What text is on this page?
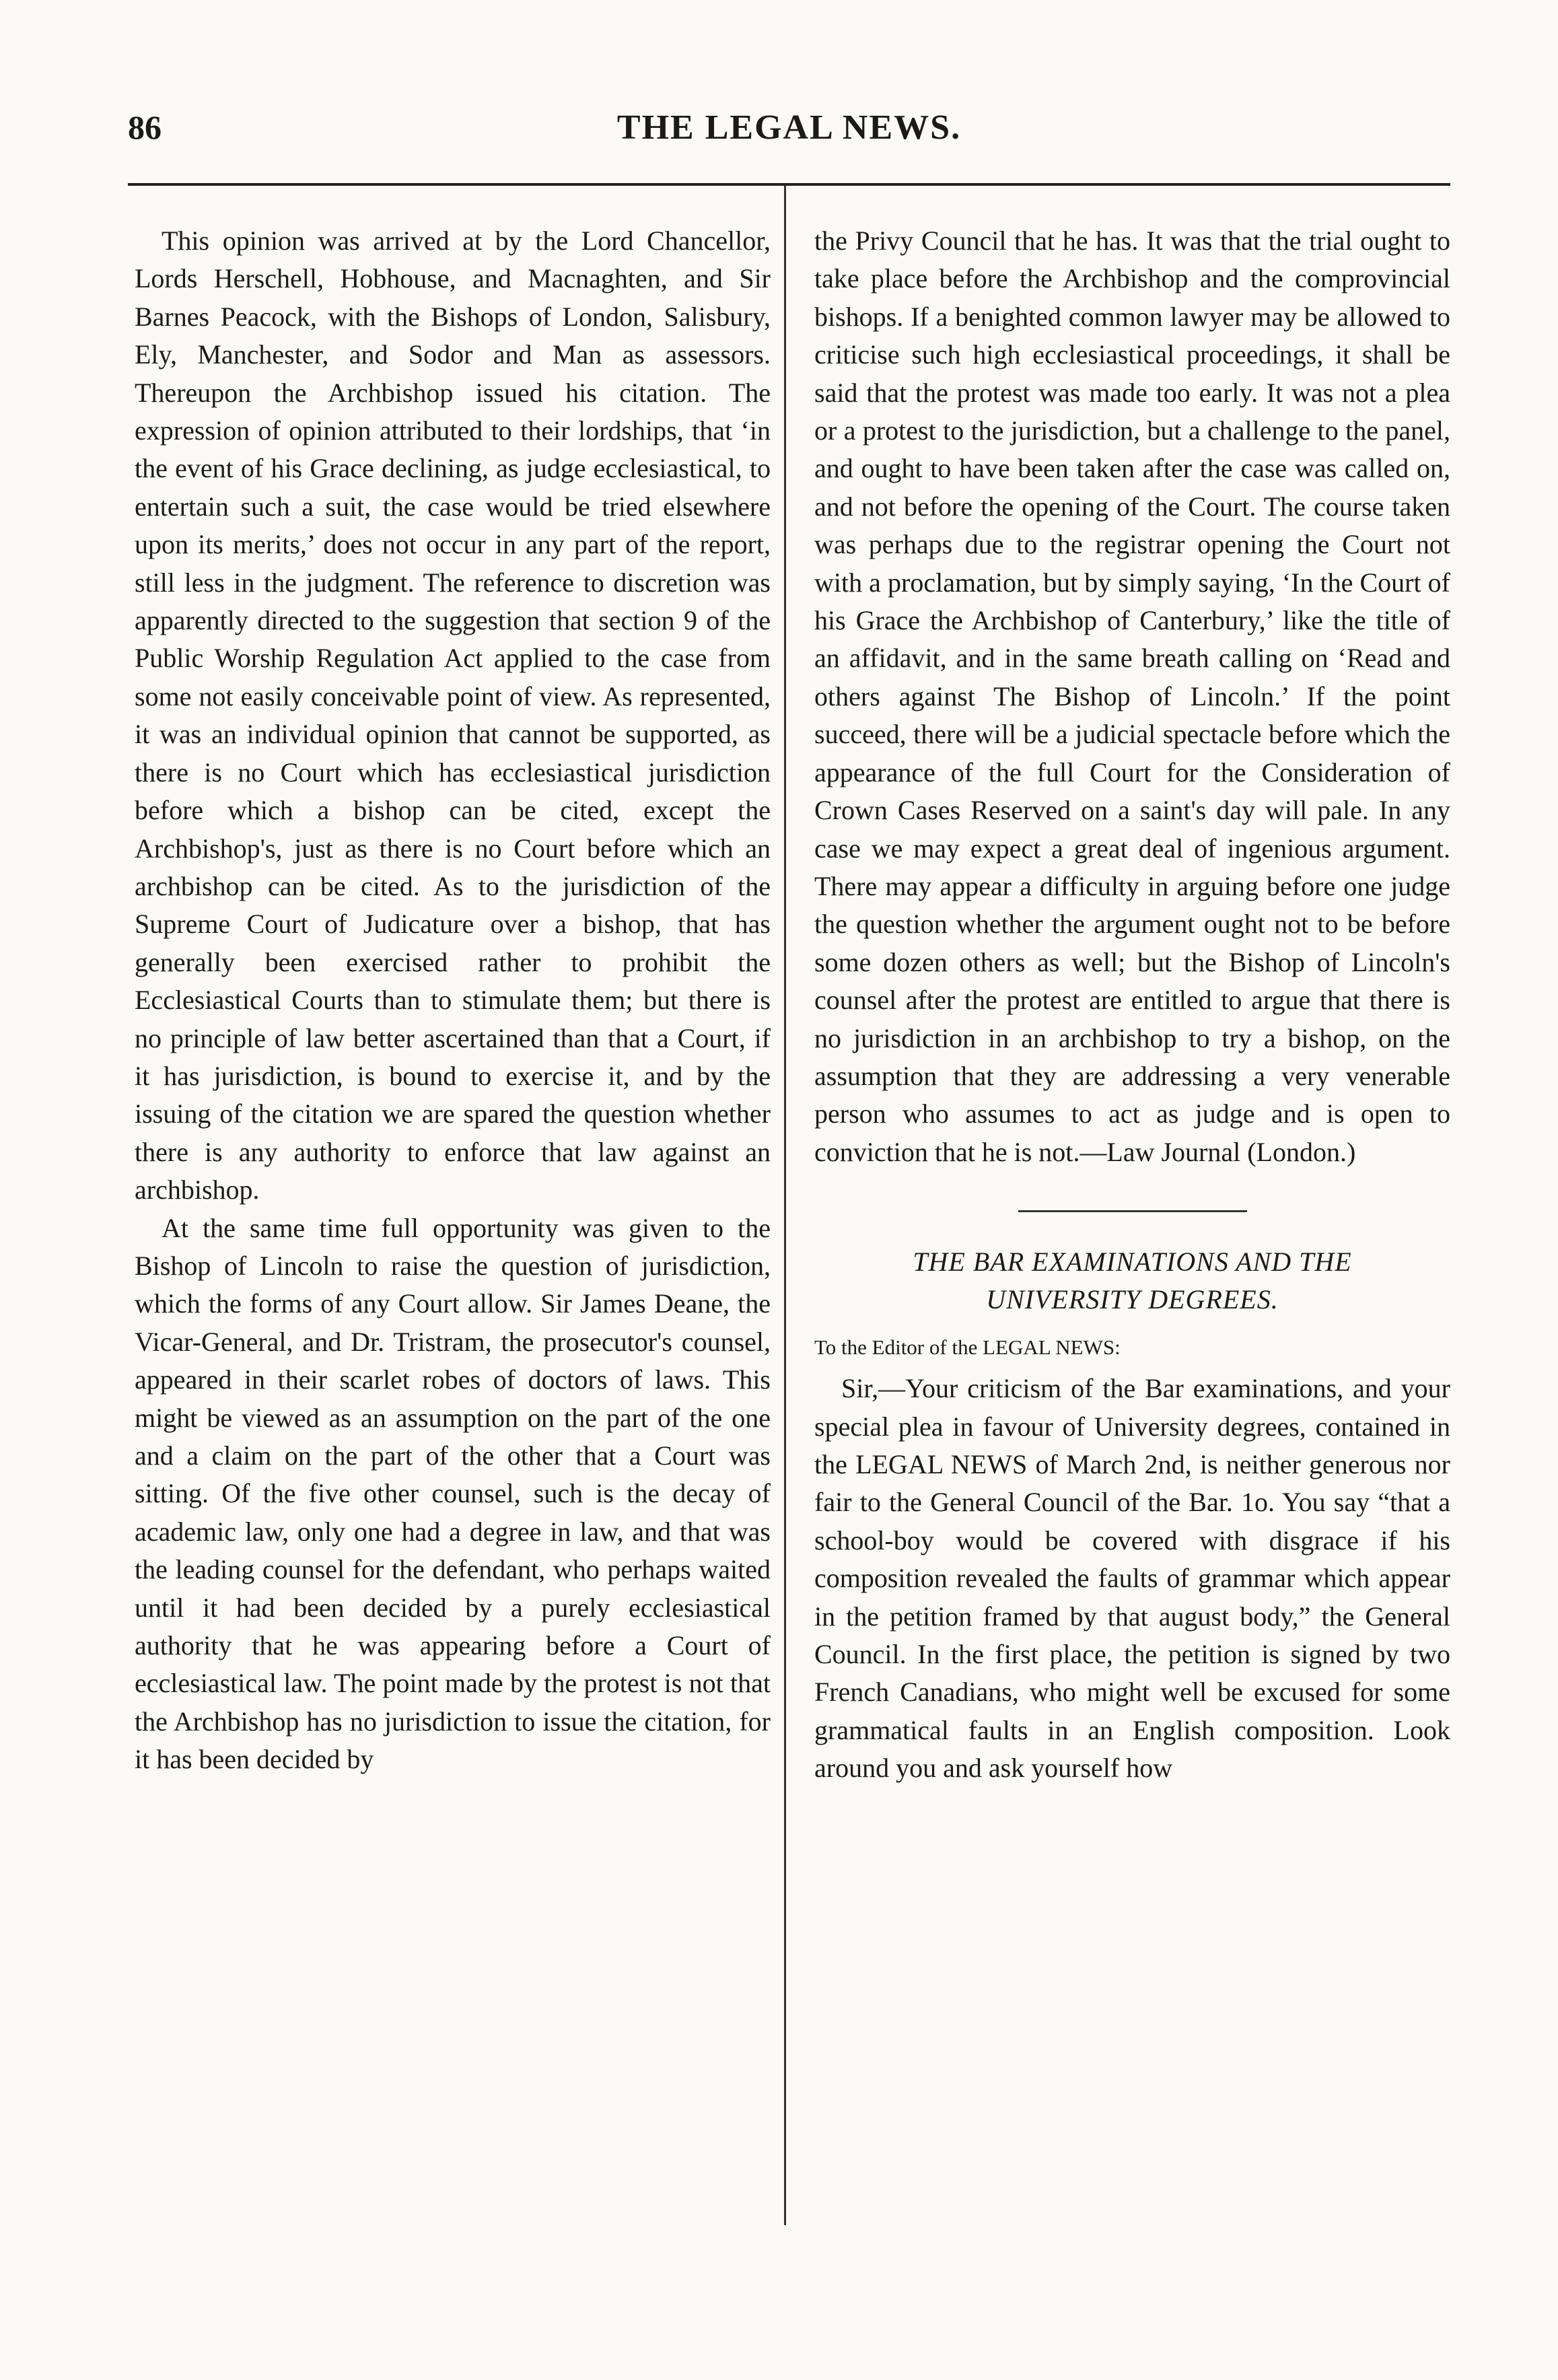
86	THE LEGAL NEWS.

This opinion was arrived at by the Lord Chancellor, Lords Herschell, Hobhouse, and Macnaghten, and Sir Barnes Peacock, with the Bishops of London, Salisbury, Ely, Manchester, and Sodor and Man as assessors. Thereupon the Archbishop issued his citation. The expression of opinion attributed to their lordships, that ‘in the event of his Grace declining, as judge ecclesiastical, to entertain such a suit, the case would be tried elsewhere upon its merits,’ does not occur in any part of the report, still less in the judgment. The reference to discretion was apparently directed to the suggestion that section 9 of the Public Worship Regulation Act applied to the case from some not easily conceivable point of view. As represented, it was an individual opinion that cannot be supported, as there is no Court which has ecclesiastical jurisdiction before which a bishop can be cited, except the Archbishop's, just as there is no Court before which an archbishop can be cited. As to the jurisdiction of the Supreme Court of Judicature over a bishop, that has generally been exercised rather to prohibit the Ecclesiastical Courts than to stimulate them; but there is no principle of law better ascertained than that a Court, if it has jurisdiction, is bound to exercise it, and by the issuing of the citation we are spared the question whether there is any authority to enforce that law against an archbishop.

At the same time full opportunity was given to the Bishop of Lincoln to raise the question of jurisdiction, which the forms of any Court allow. Sir James Deane, the Vicar-General, and Dr. Tristram, the prosecutor's counsel, appeared in their scarlet robes of doctors of laws. This might be viewed as an assumption on the part of the one and a claim on the part of the other that a Court was sitting. Of the five other counsel, such is the decay of academic law, only one had a degree in law, and that was the leading counsel for the defendant, who perhaps waited until it had been decided by a purely ecclesiastical authority that he was appearing before a Court of ecclesiastical law. The point made by the protest is not that the Archbishop has no jurisdiction to issue the citation, for it has been decided by

the Privy Council that he has. It was that the trial ought to take place before the Archbishop and the comprovincial bishops. If a benighted common lawyer may be allowed to criticise such high ecclesiastical proceedings, it shall be said that the protest was made too early. It was not a plea or a protest to the jurisdiction, but a challenge to the panel, and ought to have been taken after the case was called on, and not before the opening of the Court. The course taken was perhaps due to the registrar opening the Court not with a proclamation, but by simply saying, ‘In the Court of his Grace the Archbishop of Canterbury,’ like the title of an affidavit, and in the same breath calling on ‘Read and others against The Bishop of Lincoln.’ If the point succeed, there will be a judicial spectacle before which the appearance of the full Court for the Consideration of Crown Cases Reserved on a saint's day will pale. In any case we may expect a great deal of ingenious argument. There may appear a difficulty in arguing before one judge the question whether the argument ought not to be before some dozen others as well; but the Bishop of Lincoln's counsel after the protest are entitled to argue that there is no jurisdiction in an archbishop to try a bishop, on the assumption that they are addressing a very venerable person who assumes to act as judge and is open to conviction that he is not.—Law Journal (London.)

THE BAR EXAMINATIONS AND THE
UNIVERSITY DEGREES.
To the Editor of the LEGAL NEWS:

Sir,—Your criticism of the Bar examinations, and your special plea in favour of University degrees, contained in the LEGAL NEWS of March 2nd, is neither generous nor fair to the General Council of the Bar. 1o. You say “that a school-boy would be covered with disgrace if his composition revealed the faults of grammar which appear in the petition framed by that august body,” the General Council. In the first place, the petition is signed by two French Canadians, who might well be excused for some grammatical faults in an English composition. Look around you and ask yourself how
